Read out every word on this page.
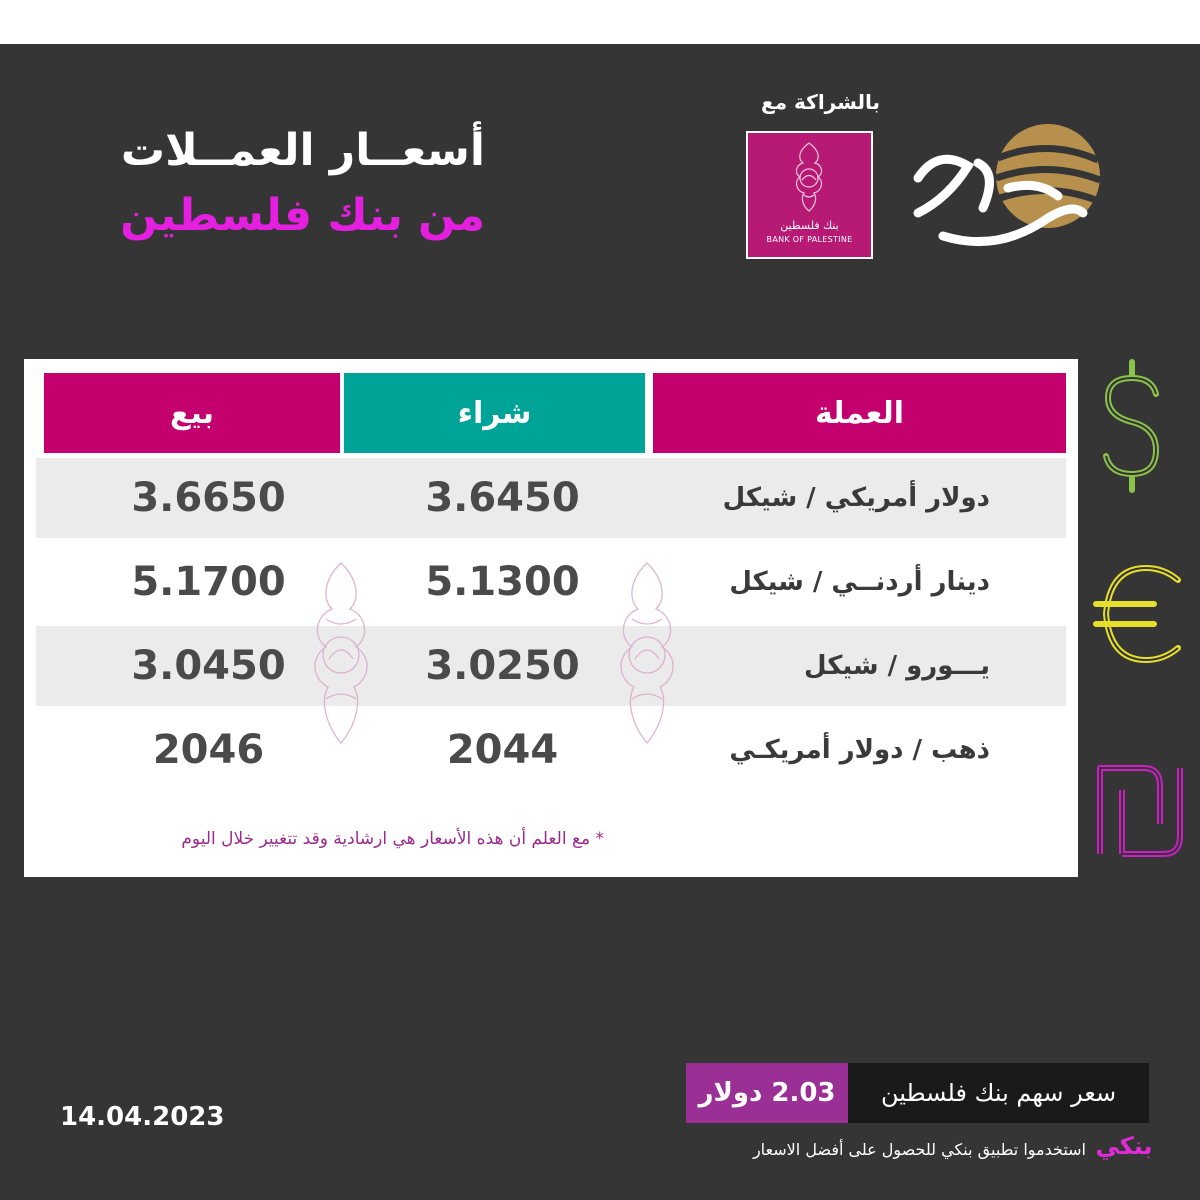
أسعــار العمــلات
من بنك فلسطين
بالشراكة مع
بنك فلسطين
BANK OF PALESTINE
العملة
شراء
بيع
دولار أمريكي / شيكل
3.6450
3.6650
دينار أردنــي / شيكل
5.1300
5.1700
يـــورو / شيكل
3.0250
3.0450
ذهب / دولار أمريكـي
2044
2046
* مع العلم أن هذه الأسعار هي ارشادية وقد تتغيير خلال اليوم
2.03 دولار	سعر سهم بنك فلسطين
استخدموا تطبيق بنكي للحصول على أفضل الاسعار بنكي
14.04.2023
